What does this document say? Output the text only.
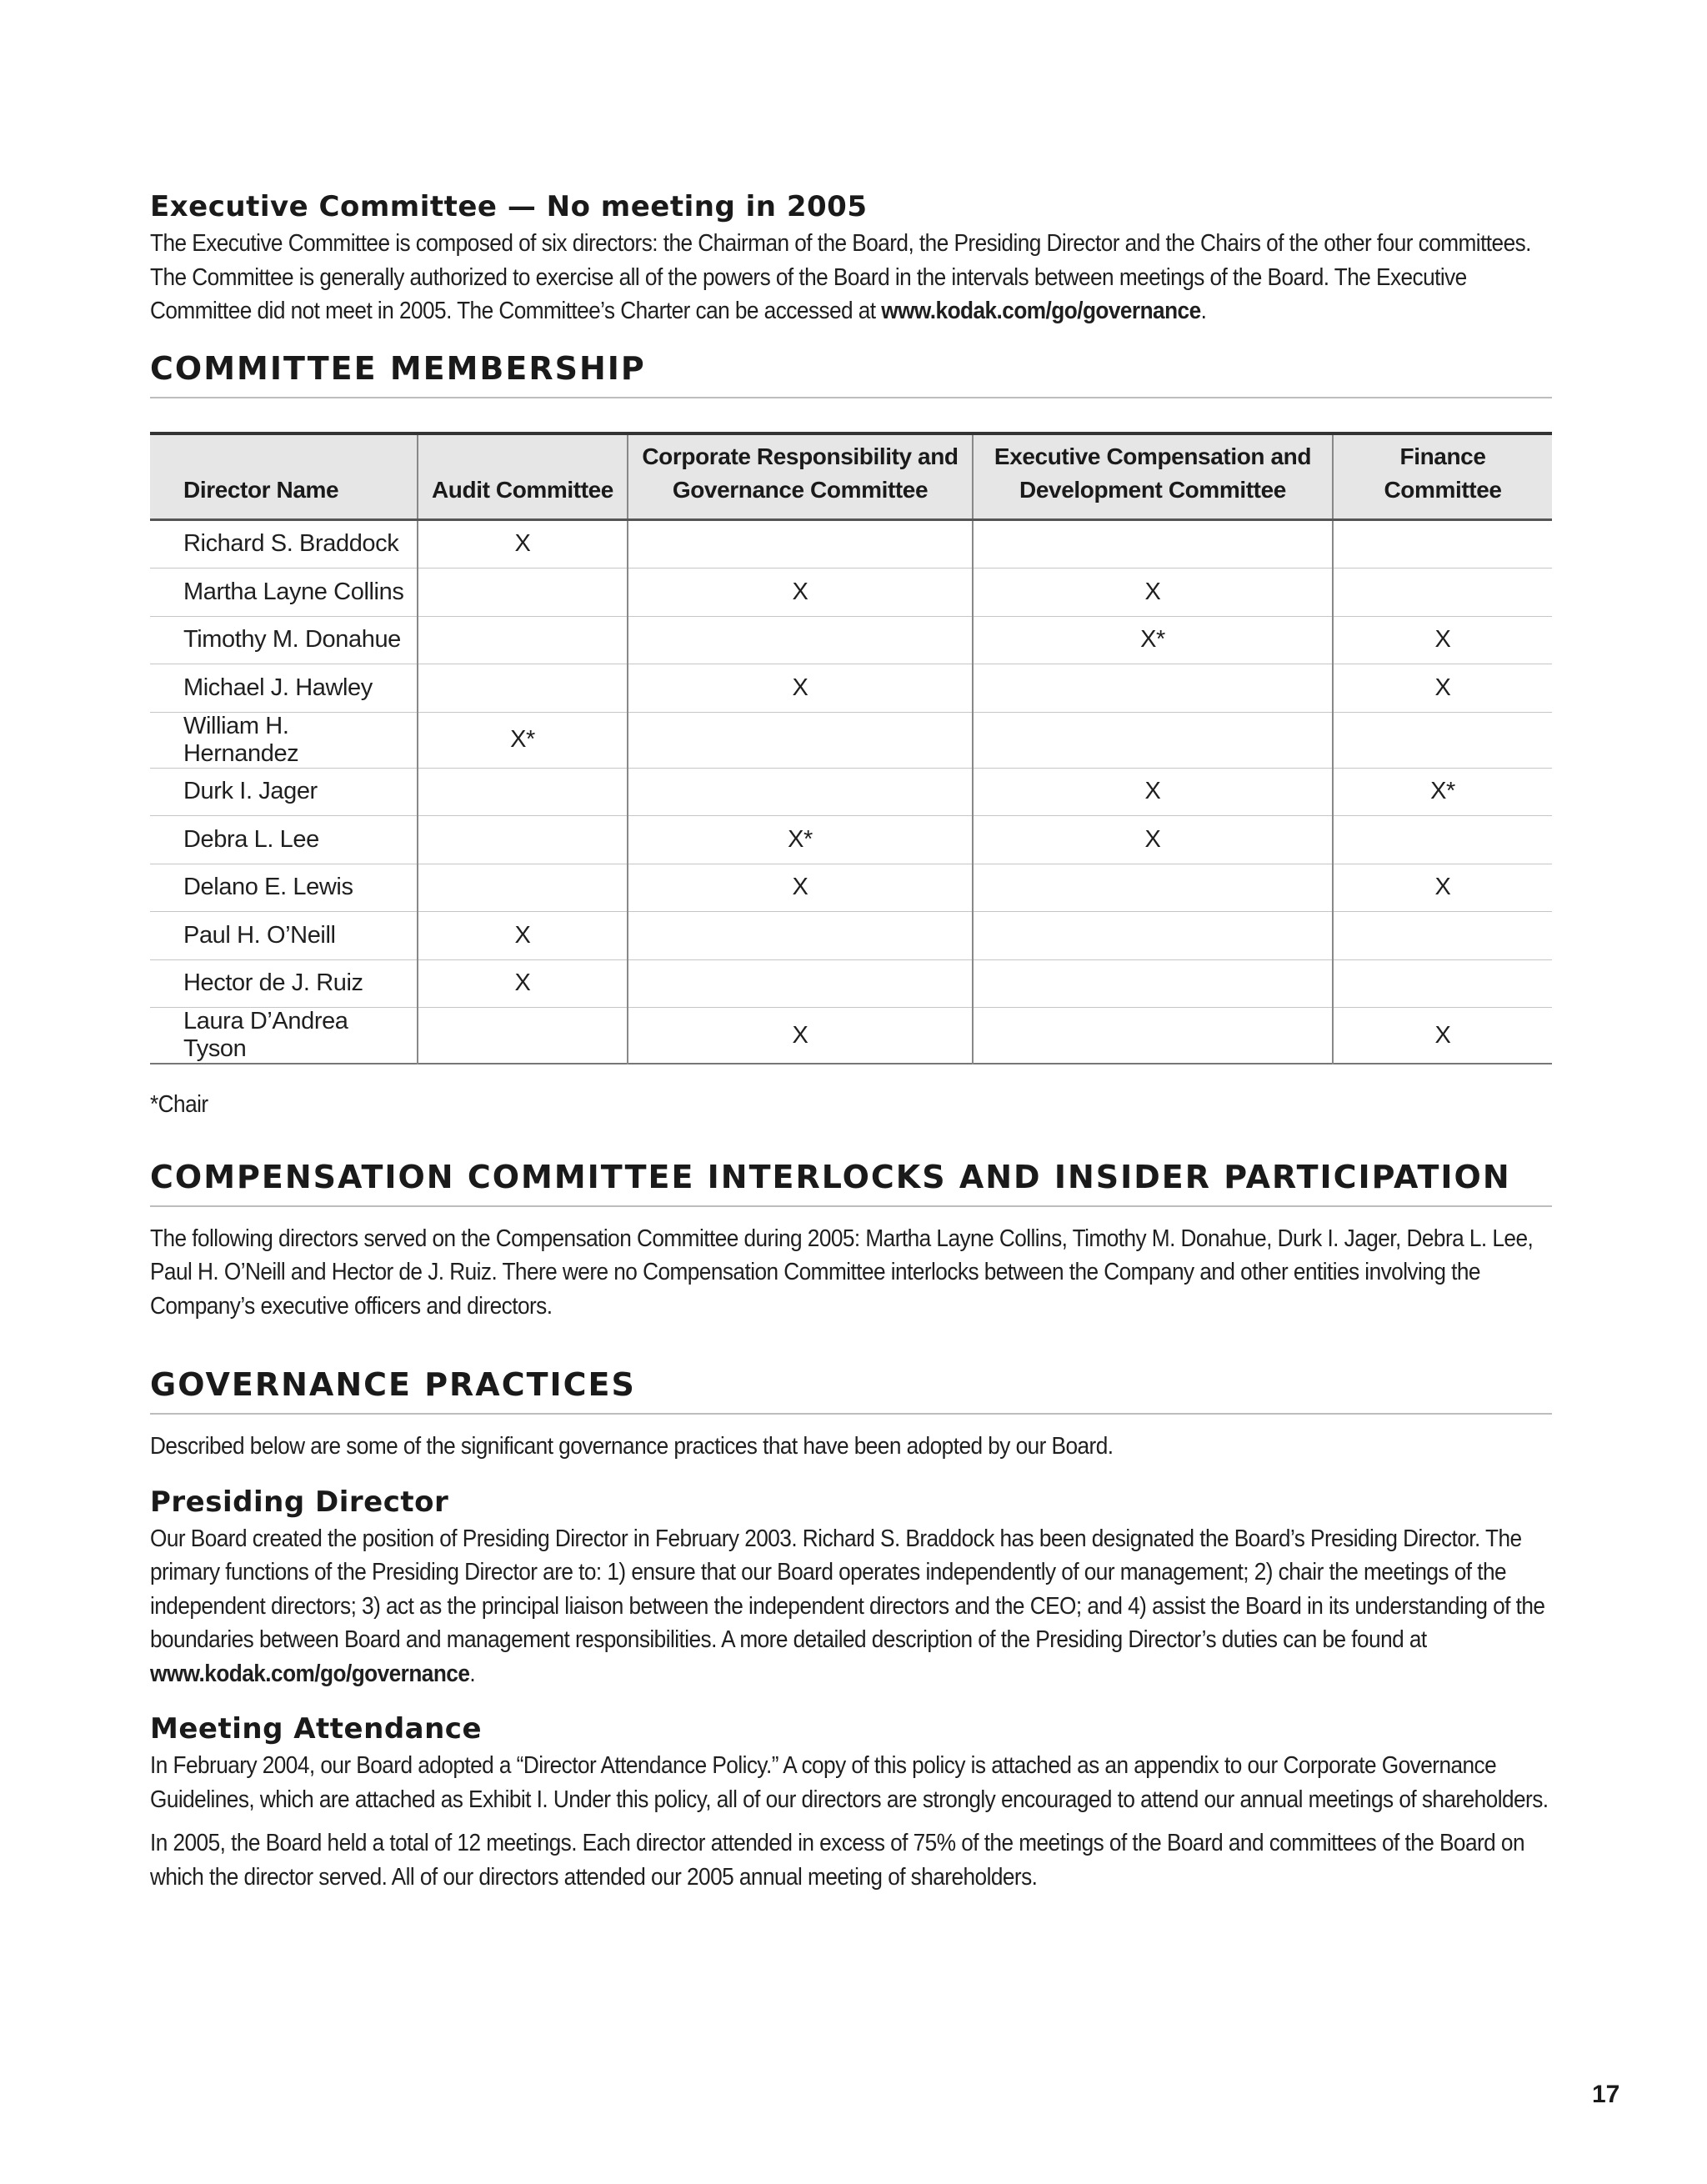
Executive Committee — No meeting in 2005

The Executive Committee is composed of six directors: the Chairman of the Board, the Presiding Director and the Chairs of the other four committees. The Committee is generally authorized to exercise all of the powers of the Board in the intervals between meetings of the Board. The Executive Committee did not meet in 2005. The Committee’s Charter can be accessed at www.kodak.com/go/governance.

COMMITTEE MEMBERSHIP
Director Name	Audit Committee	Corporate Responsibility and Governance Committee	Executive Compensation and Development Committee	Finance Committee
Richard S. Braddock	X			
Martha Layne Collins		X	X	
Timothy M. Donahue			X*	X
Michael J. Hawley		X		X
William H. Hernandez	X*			
Durk I. Jager			X	X*
Debra L. Lee		X*	X	
Delano E. Lewis		X		X
Paul H. O’Neill	X			
Hector de J. Ruiz	X			
Laura D’Andrea Tyson		X		X

*Chair

COMPENSATION COMMITTEE INTERLOCKS AND INSIDER PARTICIPATION

The following directors served on the Compensation Committee during 2005: Martha Layne Collins, Timothy M. Donahue, Durk I. Jager, Debra L. Lee, Paul H. O’Neill and Hector de J. Ruiz. There were no Compensation Committee interlocks between the Company and other entities involving the Company’s executive officers and directors.

GOVERNANCE PRACTICES

Described below are some of the significant governance practices that have been adopted by our Board.

Presiding Director

Our Board created the position of Presiding Director in February 2003. Richard S. Braddock has been designated the Board’s Presiding Director. The primary functions of the Presiding Director are to: 1) ensure that our Board operates independently of our management; 2) chair the meetings of the independent directors; 3) act as the principal liaison between the independent directors and the CEO; and 4) assist the Board in its understanding of the boundaries between Board and management responsibilities. A more detailed description of the Presiding Director’s duties can be found at www.kodak.com/go/governance.

Meeting Attendance

In February 2004, our Board adopted a “Director Attendance Policy.” A copy of this policy is attached as an appendix to our Corporate Governance Guidelines, which are attached as Exhibit I. Under this policy, all of our directors are strongly encouraged to attend our annual meetings of shareholders.

In 2005, the Board held a total of 12 meetings. Each director attended in excess of 75% of the meetings of the Board and committees of the Board on which the director served. All of our directors attended our 2005 annual meeting of shareholders.

17
